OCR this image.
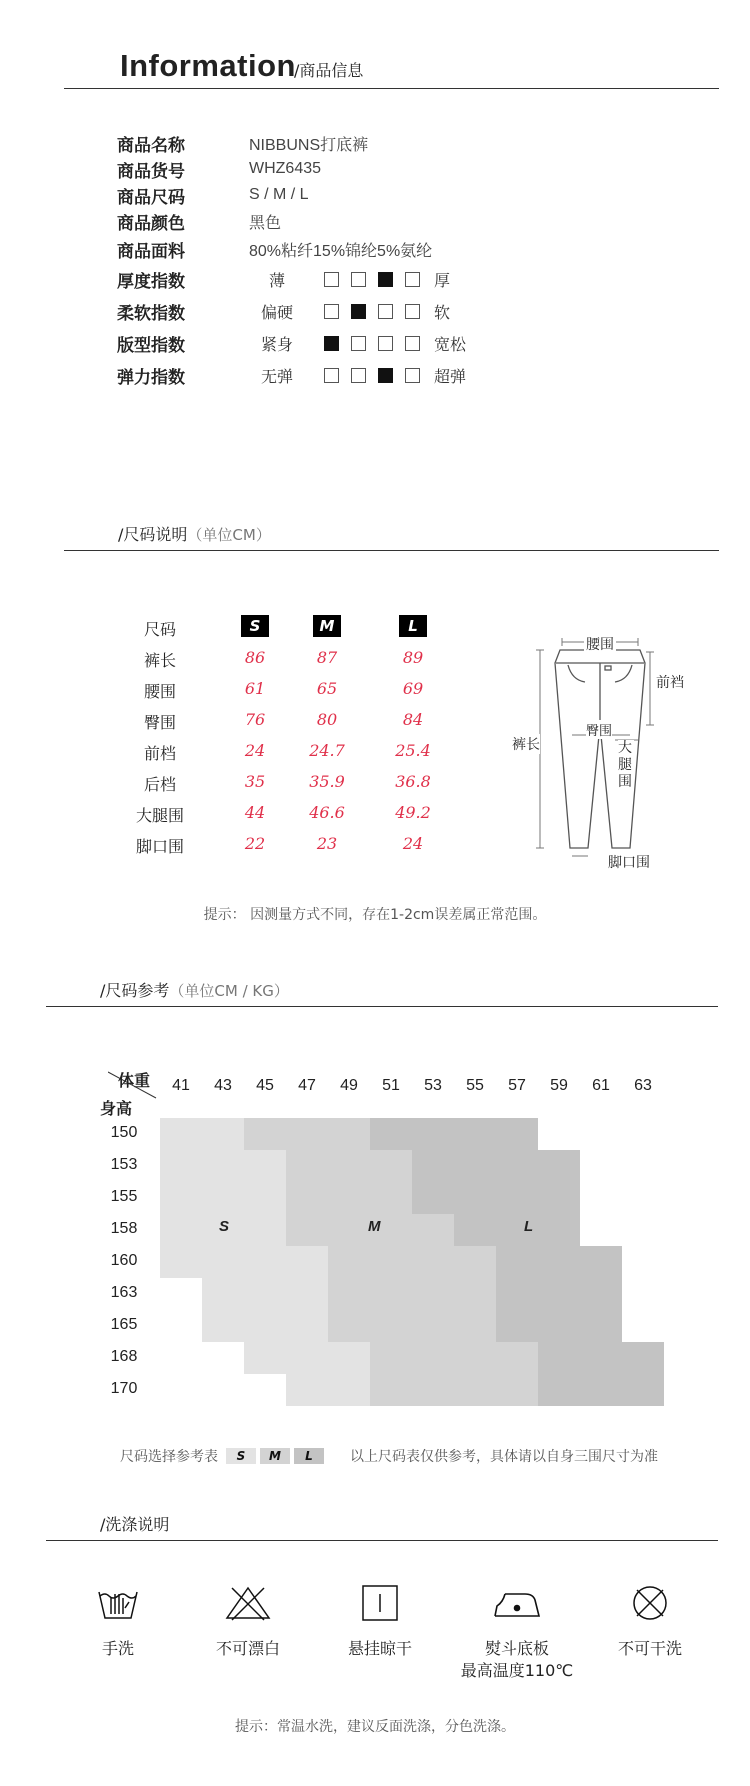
Information
/商品信息
商品名称	NIBBUNS打底裤
商品货号	WHZ6435
商品尺码	S / M / L
商品颜色	黑色
商品面料	80%粘纤15%锦纶5%氨纶
厚度指数	薄	厚
柔软指数	偏硬	软
版型指数	紧身	宽松
弹力指数	无弹	超弹
/尺码说明（单位CM）
尺码	S	M	L
裤长	86	87	89
腰围	61	65	69
臀围	76	80	84
前档	24	24.7	25.4
后档	35	35.9	36.8
大腿围	44	46.6	49.2
脚口围	22	23	24
腰围
前裆
臀围
裤长	大腿围
脚口围
提示： 因测量方式不同，存在1-2cm误差属正常范围。
/尺码参考（单位CM / KG）
体重
身高
41	43	45	47	49	51	53	55	57	59	61	63
150
153
155
158
160
163
165
168
170
S	M	L
尺码选择参考表	S	M	L	以上尺码表仅供参考，具体请以自身三围尺寸为准
/洗涤说明
手洗	不可漂白	悬挂晾干	熨斗底板
最高温度110℃
不可干洗
提示：常温水洗，建议反面洗涤，分色洗涤。
